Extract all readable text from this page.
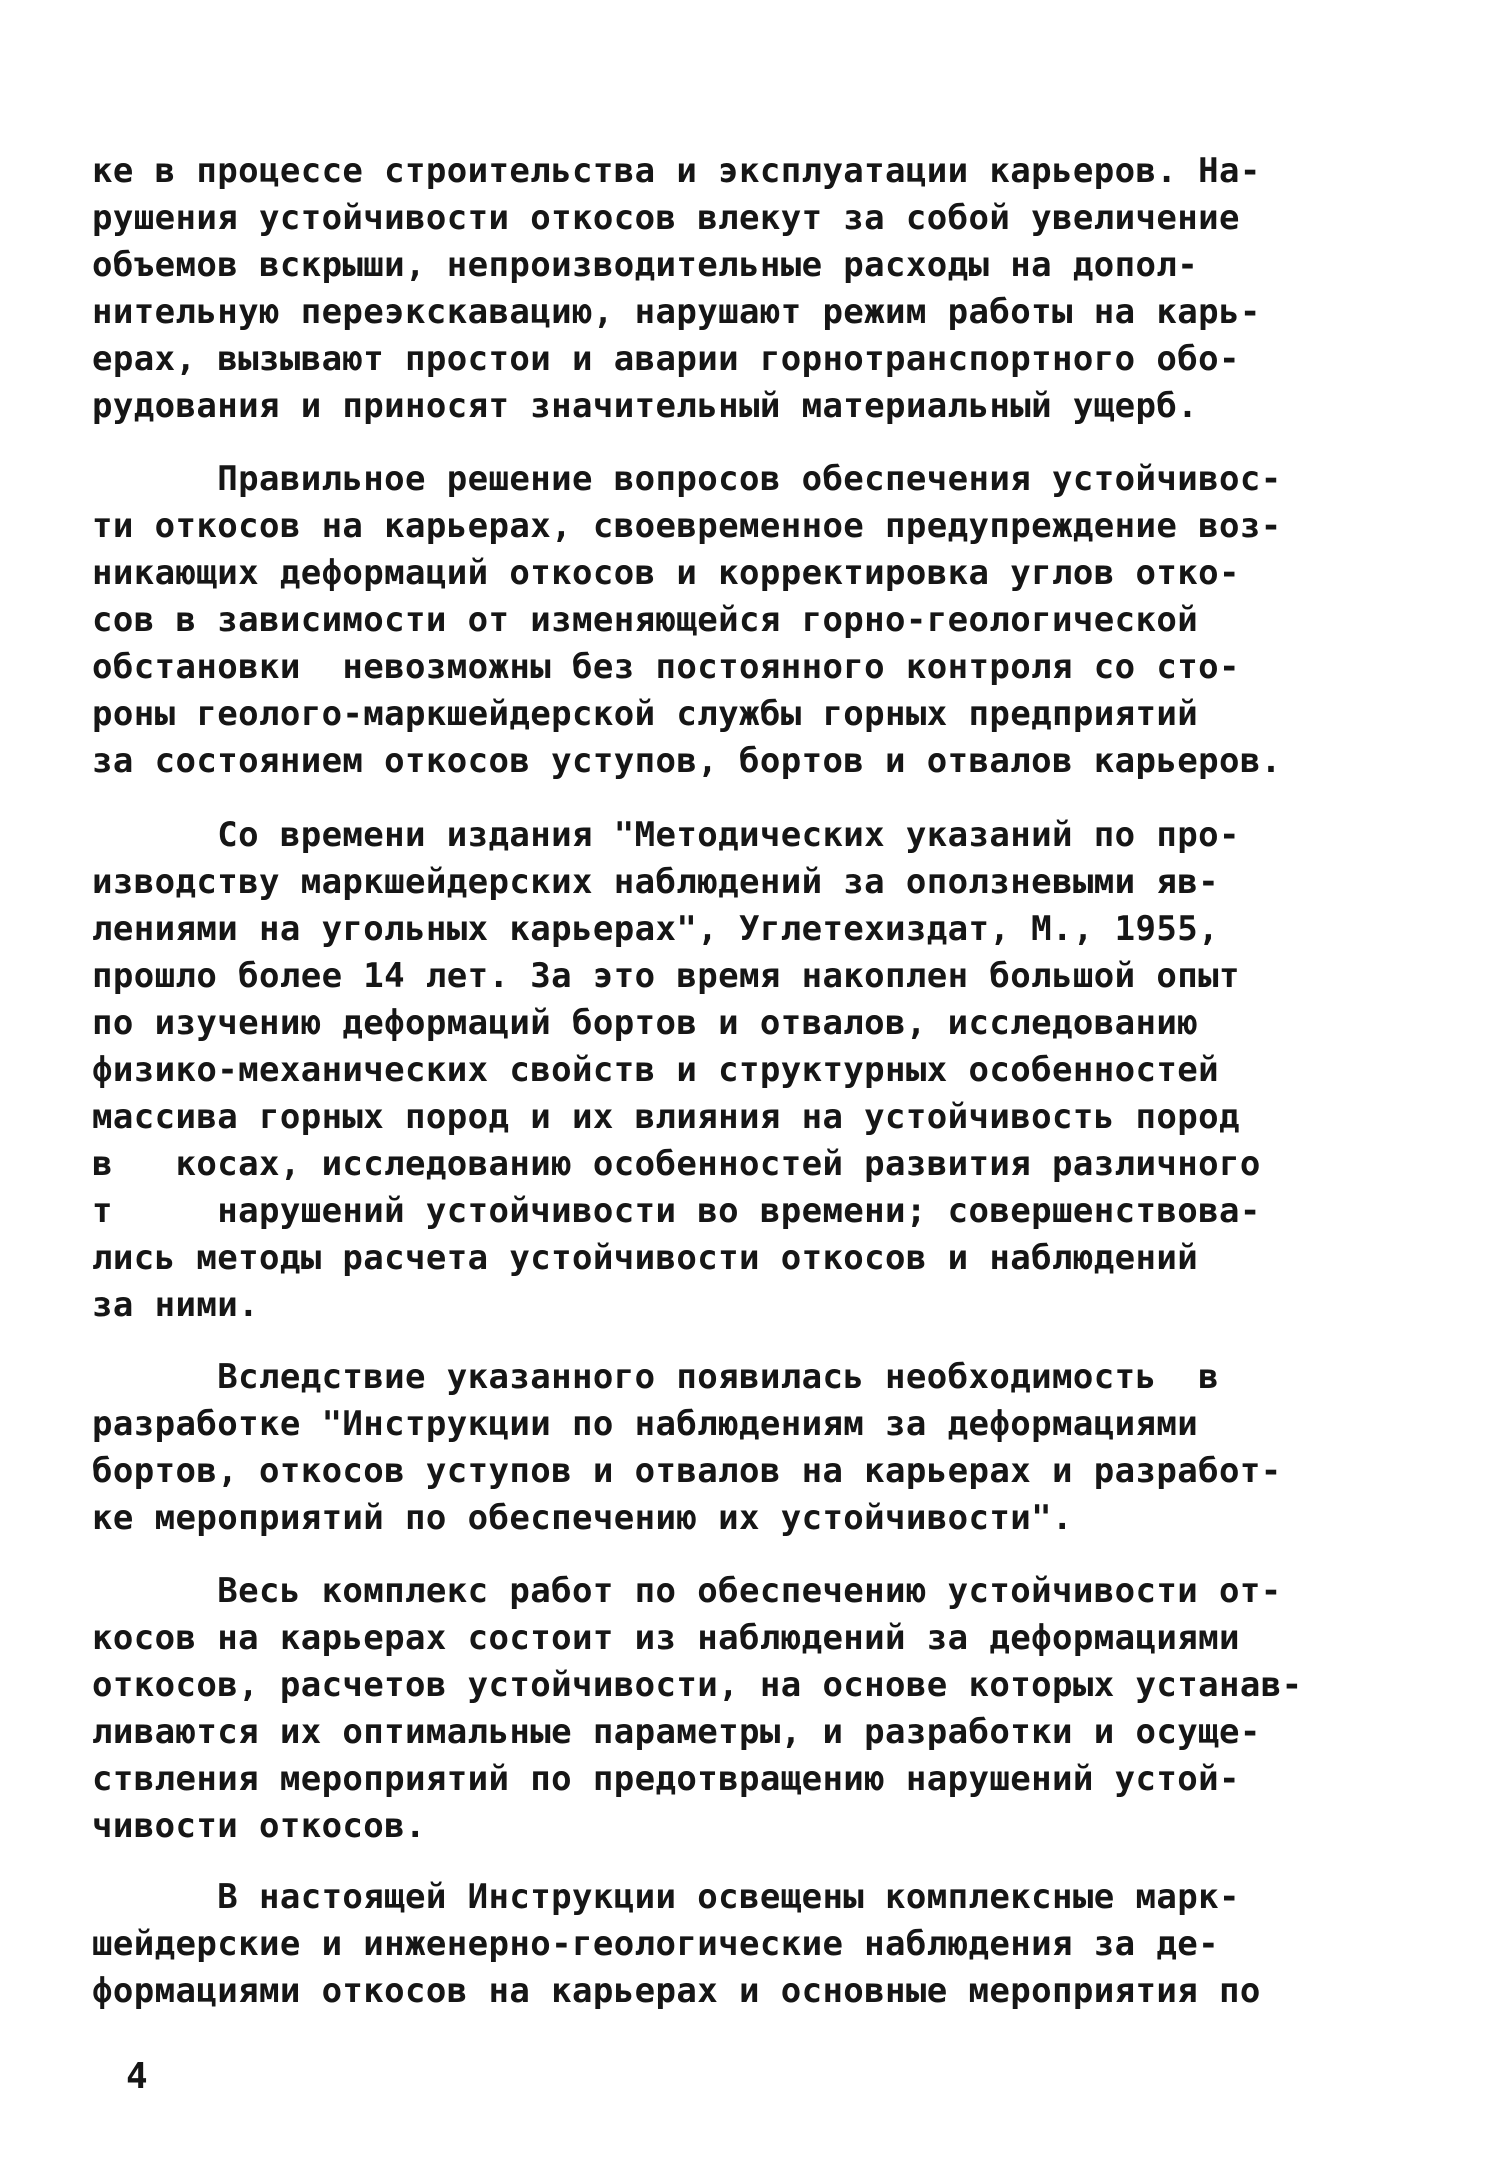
ке в процессе строительства и эксплуатации карьеров. На-
рушения устойчивости откосов влекут за собой увеличение
объемов вскрыши, непроизводительные расходы на допол-
нительную переэкскавацию, нарушают режим работы на карь-
ерах, вызывают простои и аварии горнотранспортного обо-
рудования и приносят значительный материальный ущерб.
Правильное решение вопросов обеспечения устойчивос-
ти откосов на карьерах, своевременное предупреждение воз-
никающих деформаций откосов и корректировка углов отко-
сов в зависимости от изменяющейся горно-геологической
обстановки  невозможны без постоянного контроля со сто-
роны геолого-маркшейдерской службы горных предприятий
за состоянием откосов уступов, бортов и отвалов карьеров.
Со времени издания "Методических указаний по про-
изводству маркшейдерских наблюдений за оползневыми яв-
лениями на угольных карьерах", Углетехиздат, М., 1955,
прошло более 14 лет. За это время накоплен большой опыт
по изучению деформаций бортов и отвалов, исследованию
физико-механических свойств и структурных особенностей
массива горных пород и их влияния на устойчивость пород
в   косах, исследованию особенностей развития различного
т     нарушений устойчивости во времени; совершенствова-
лись методы расчета устойчивости откосов и наблюдений
за ними.
Вследствие указанного появилась необходимость  в
разработке "Инструкции по наблюдениям за деформациями
бортов, откосов уступов и отвалов на карьерах и разработ-
ке мероприятий по обеспечению их устойчивости".
Весь комплекс работ по обеспечению устойчивости от-
косов на карьерах состоит из наблюдений за деформациями
откосов, расчетов устойчивости, на основе которых устанав-
ливаются их оптимальные параметры, и разработки и осуще-
ствления мероприятий по предотвращению нарушений устой-
чивости откосов.
В настоящей Инструкции освещены комплексные марк-
шейдерские и инженерно-геологические наблюдения за де-
формациями откосов на карьерах и основные мероприятия по
4
